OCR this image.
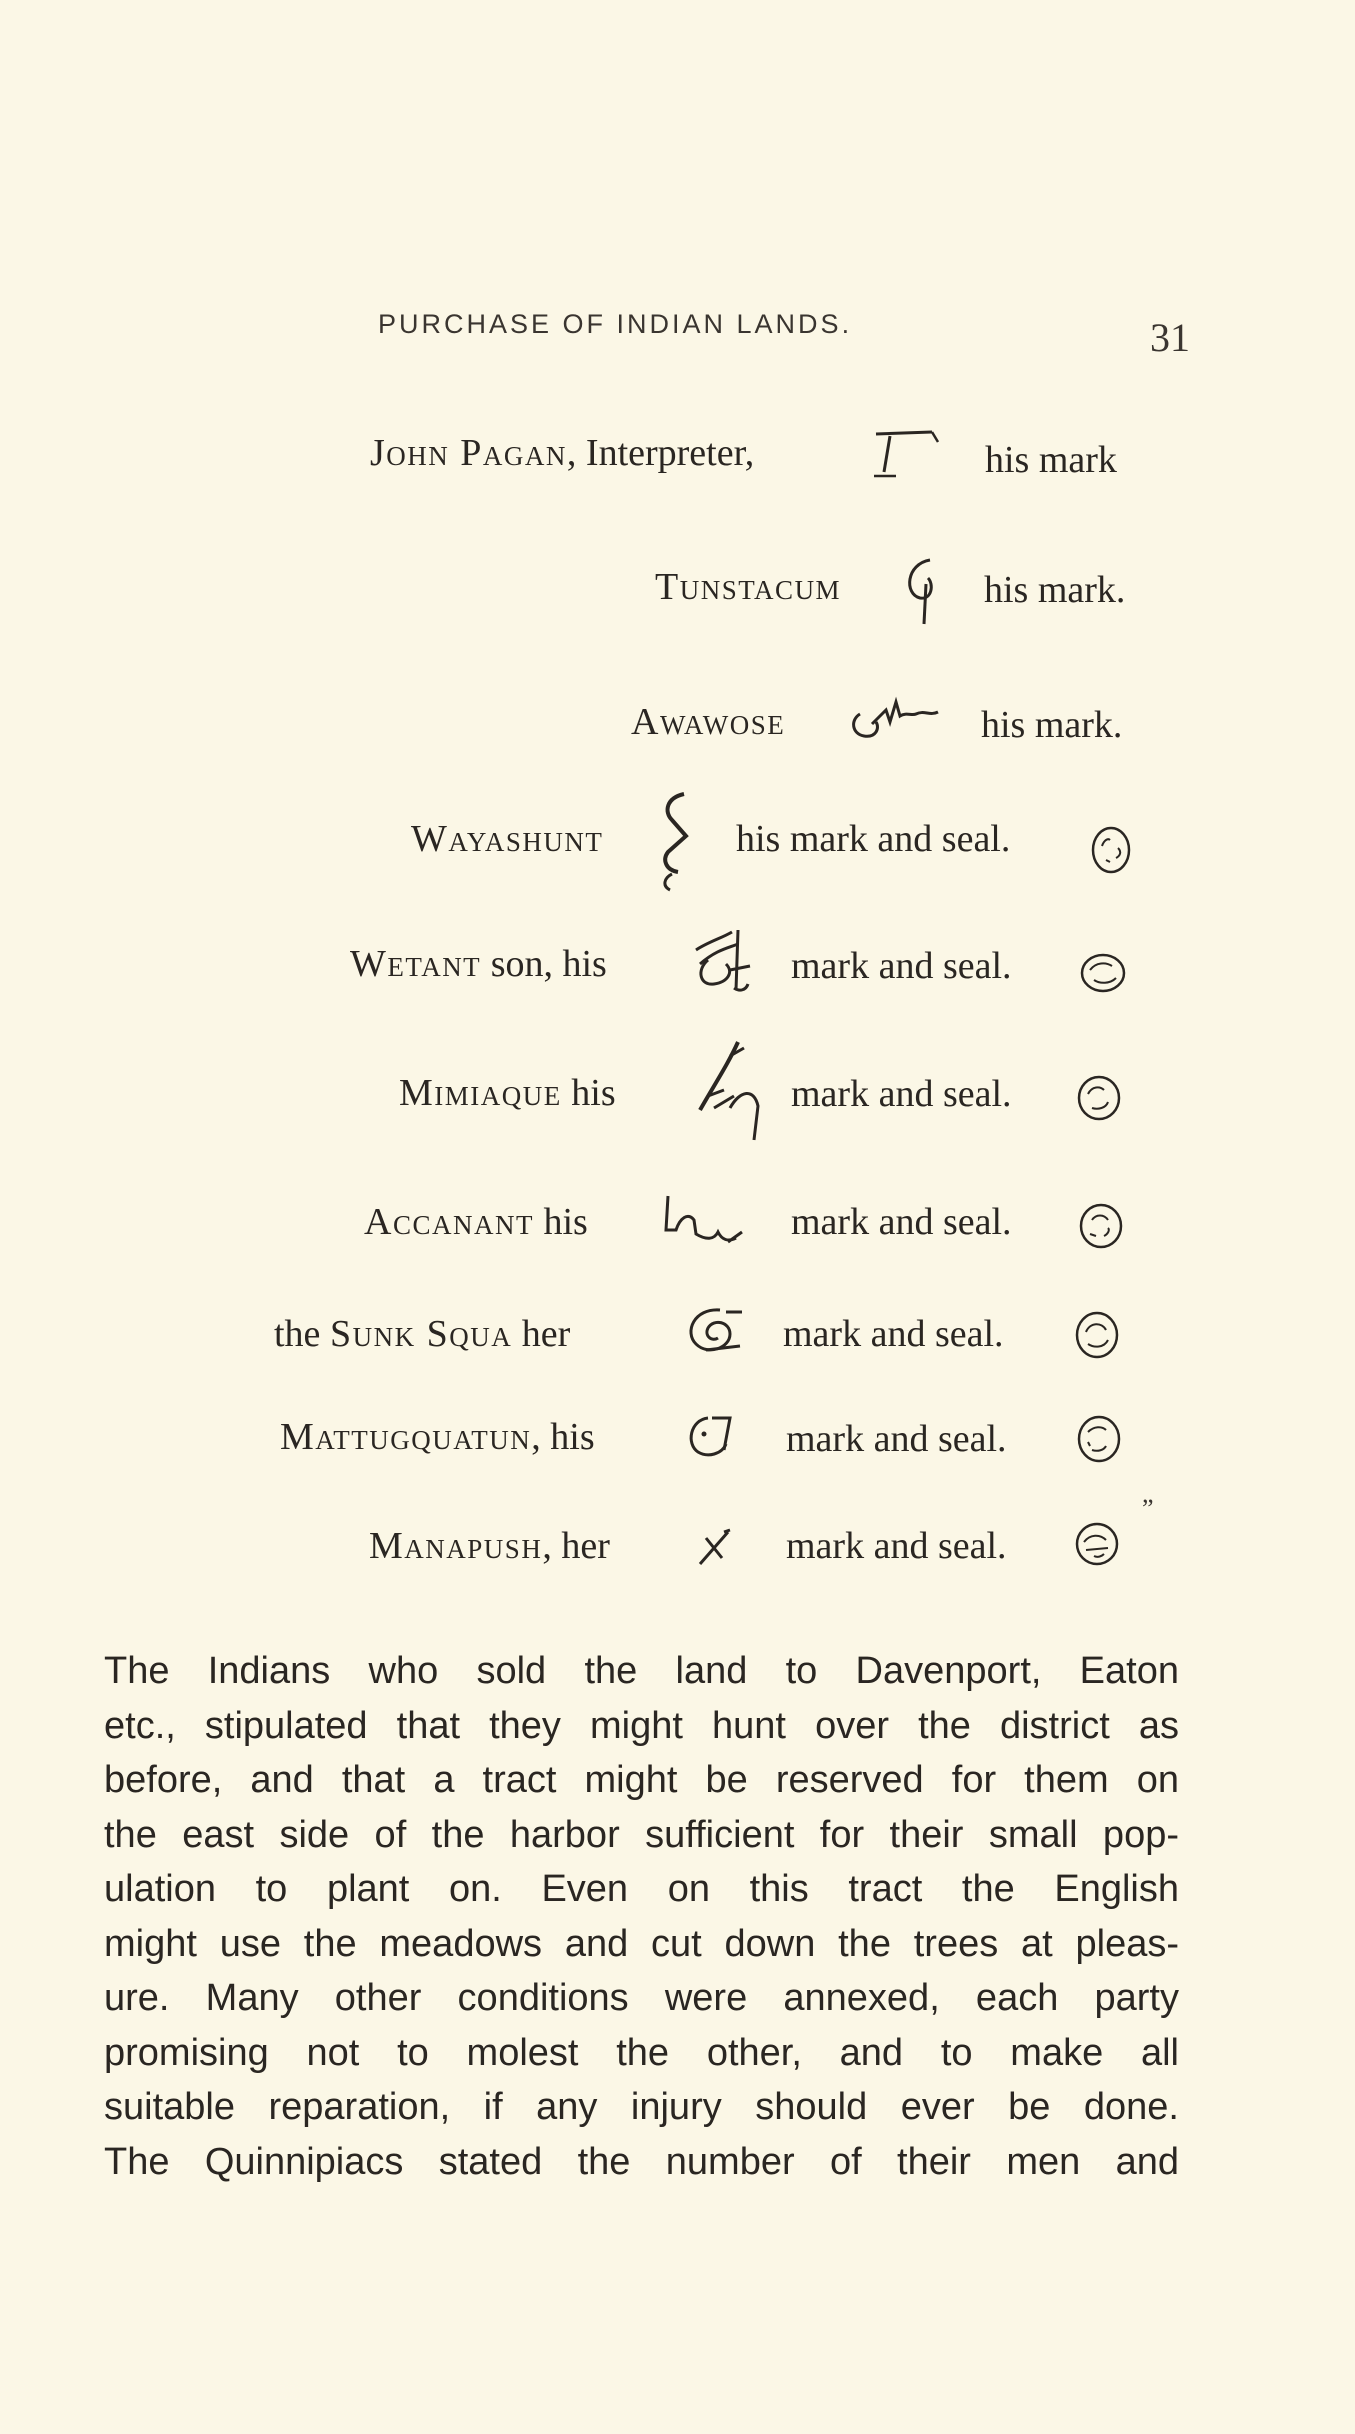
PURCHASE OF INDIAN LANDS.	31
John Pagan, Interpreter,	his mark
Tunstacum	his mark.
Awawose	his mark.
Wayashunt	his mark and seal.
Wetant son, his	mark and seal.
Mimiaque his	mark and seal.
Accanant his	mark and seal.
the Sunk Squa her	mark and seal.
Mattugquatun, his	mark and seal.
”
Manapush, her	mark and seal.
The Indians who sold the land to Davenport, Eaton
etc., stipulated that they might hunt over the district as
before, and that a tract might be reserved for them on
the east side of the harbor sufficient for their small pop-
ulation to plant on. Even on this tract the English
might use the meadows and cut down the trees at pleas-
ure. Many other conditions were annexed, each party
promising not to molest the other, and to make all
suitable reparation, if any injury should ever be done.
The Quinnipiacs stated the number of their men and
